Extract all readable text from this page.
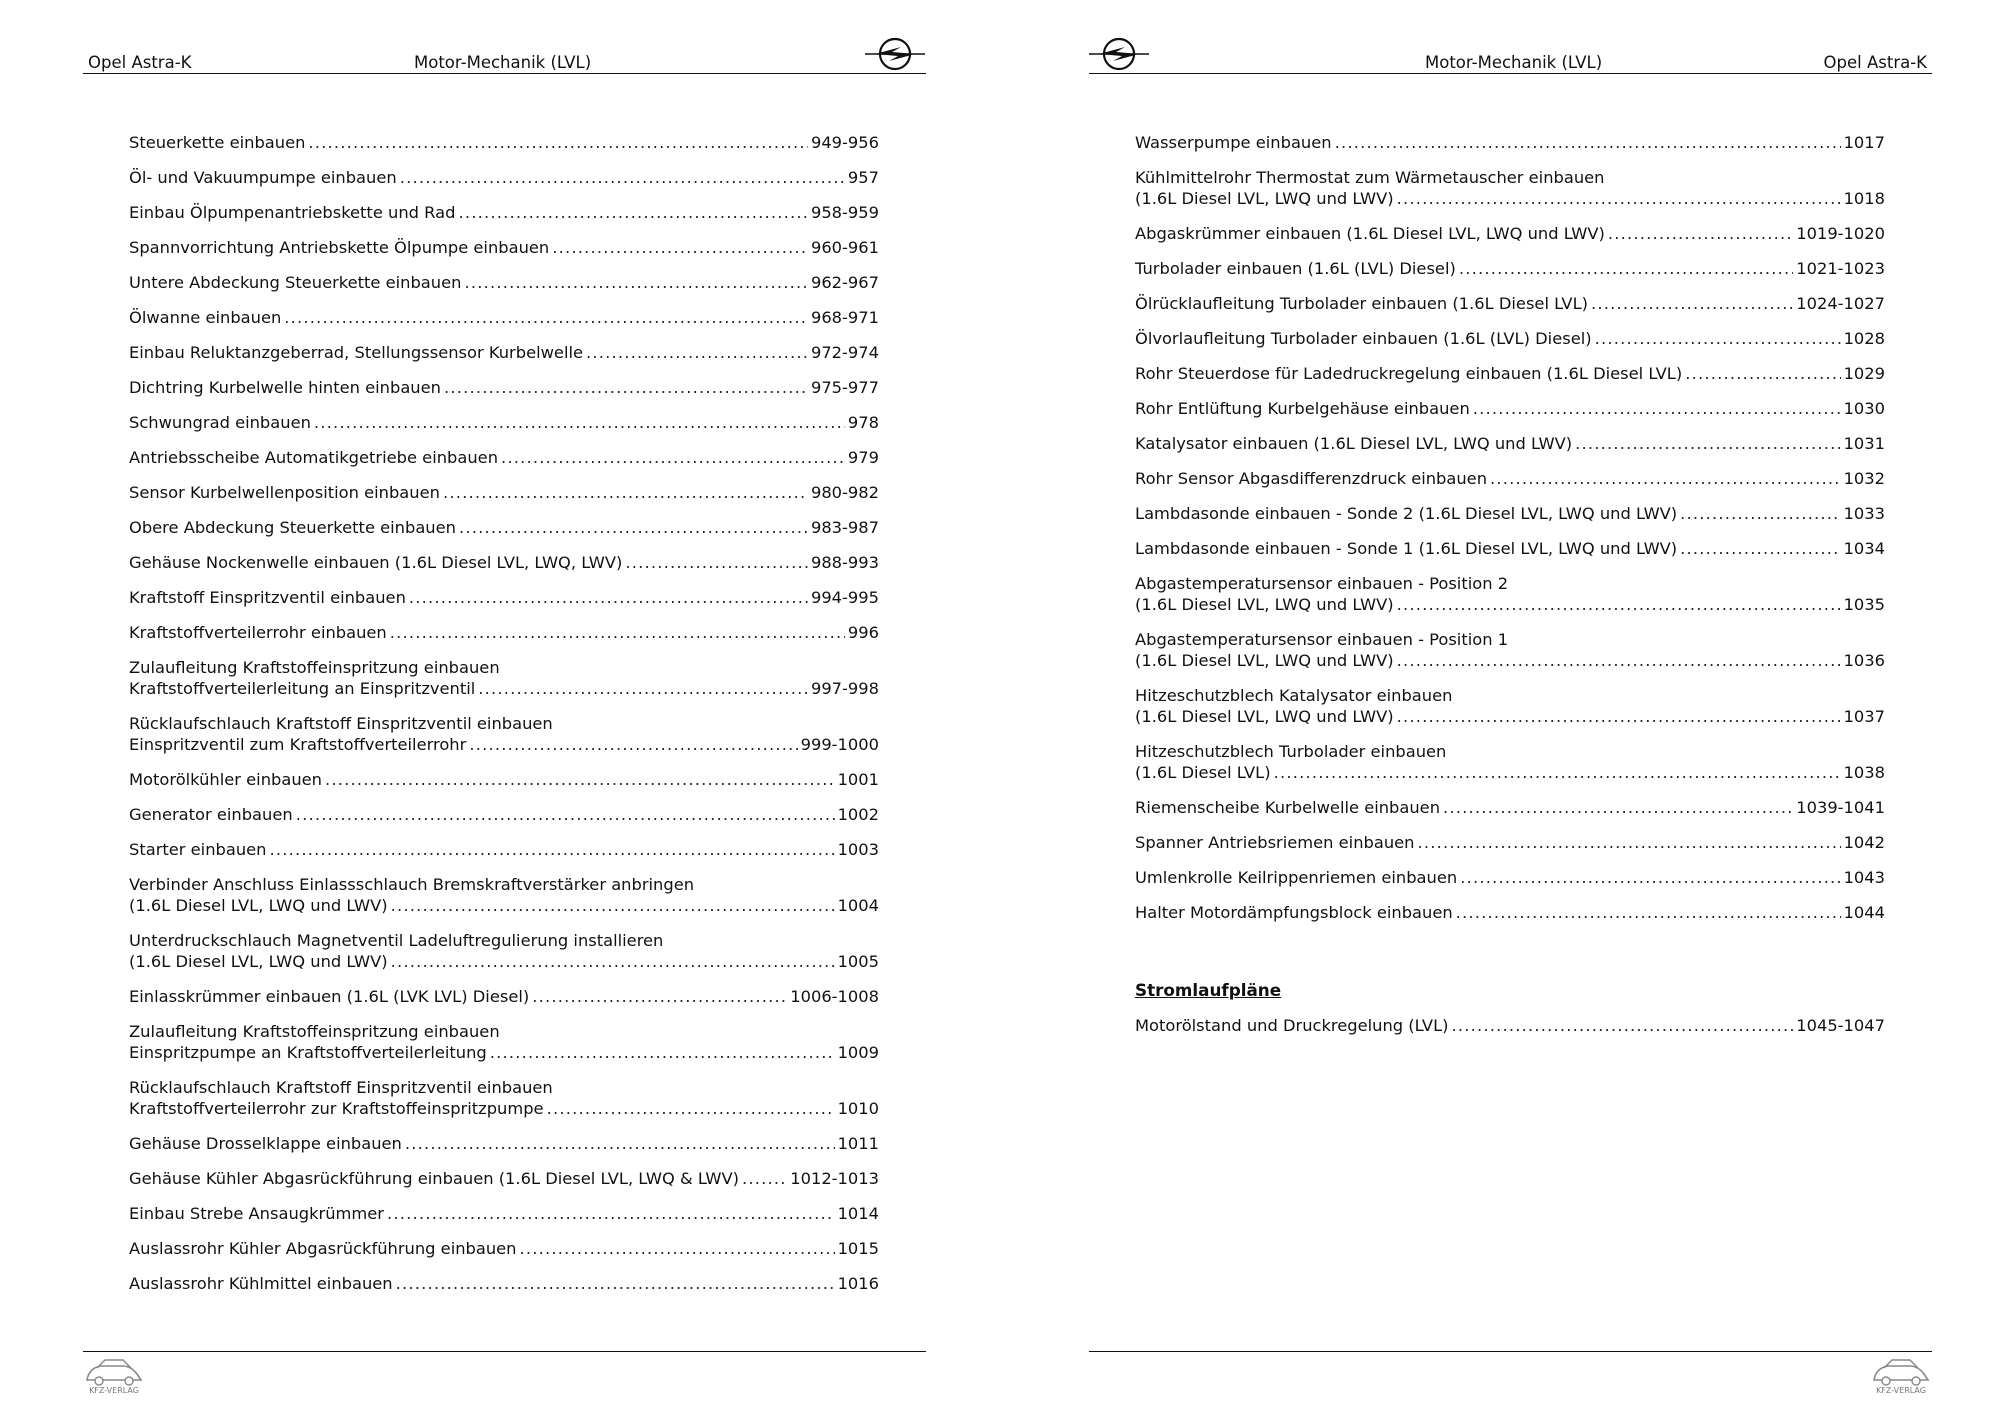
Opel Astra-K	Motor-Mechanik (LVL)
Steuerkette einbauen .....	949-956
Öl- und Vakuumpumpe einbauen .....	957
Einbau Ölpumpenantriebskette und Rad .....	958-959
Spannvorrichtung Antriebskette Ölpumpe einbauen .....	960-961
Untere Abdeckung Steuerkette einbauen .....	962-967
Ölwanne einbauen .....	968-971
Einbau Reluktanzgeberrad, Stellungssensor Kurbelwelle .....	972-974
Dichtring Kurbelwelle hinten einbauen .....	975-977
Schwungrad einbauen .....	978
Antriebsscheibe Automatikgetriebe einbauen .....	979
Sensor Kurbelwellenposition einbauen .....	980-982
Obere Abdeckung Steuerkette einbauen .....	983-987
Gehäuse Nockenwelle einbauen (1.6L Diesel LVL, LWQ, LWV) .....	988-993
Kraftstoff Einspritzventil einbauen .....	994-995
Kraftstoffverteilerrohr einbauen .....	996
Zulaufleitung Kraftstoffeinspritzung einbauen
Kraftstoffverteilerleitung an Einspritzventil .....	997-998
Rücklaufschlauch Kraftstoff Einspritzventil einbauen
Einspritzventil zum Kraftstoffverteilerrohr .....	999-1000
Motorölkühler einbauen .....	1001
Generator einbauen .....	1002
Starter einbauen .....	1003
Verbinder Anschluss Einlassschlauch Bremskraftverstärker anbringen
(1.6L Diesel LVL, LWQ und LWV) .....	1004
Unterdruckschlauch Magnetventil Ladeluftregulierung installieren
(1.6L Diesel LVL, LWQ und LWV) .....	1005
Einlasskrümmer einbauen (1.6L (LVK LVL) Diesel) .....	1006-1008
Zulaufleitung Kraftstoffeinspritzung einbauen
Einspritzpumpe an Kraftstoffverteilerleitung .....	1009
Rücklaufschlauch Kraftstoff Einspritzventil einbauen
Kraftstoffverteilerrohr zur Kraftstoffeinspritzpumpe .....	1010
Gehäuse Drosselklappe einbauen .....	1011
Gehäuse Kühler Abgasrückführung einbauen (1.6L Diesel LVL, LWQ & LWV) .....	1012-1013
Einbau Strebe Ansaugkrümmer .....	1014
Auslassrohr Kühler Abgasrückführung einbauen .....	1015
Auslassrohr Kühlmittel einbauen .....	1016
KFZ-VERLAG
Motor-Mechanik (LVL)	Opel Astra-K
Wasserpumpe einbauen .....	1017
Kühlmittelrohr Thermostat zum Wärmetauscher einbauen
(1.6L Diesel LVL, LWQ und LWV) .....	1018
Abgaskrümmer einbauen (1.6L Diesel LVL, LWQ und LWV) .....	1019-1020
Turbolader einbauen (1.6L (LVL) Diesel) .....	1021-1023
Ölrücklaufleitung Turbolader einbauen (1.6L Diesel LVL) .....	1024-1027
Ölvorlaufleitung Turbolader einbauen (1.6L (LVL) Diesel) .....	1028
Rohr Steuerdose für Ladedruckregelung einbauen (1.6L Diesel LVL) .....	1029
Rohr Entlüftung Kurbelgehäuse einbauen .....	1030
Katalysator einbauen (1.6L Diesel LVL, LWQ und LWV) .....	1031
Rohr Sensor Abgasdifferenzdruck einbauen .....	1032
Lambdasonde einbauen - Sonde 2 (1.6L Diesel LVL, LWQ und LWV) .....	1033
Lambdasonde einbauen - Sonde 1 (1.6L Diesel LVL, LWQ und LWV) .....	1034
Abgastemperatursensor einbauen - Position 2
(1.6L Diesel LVL, LWQ und LWV) .....	1035
Abgastemperatursensor einbauen - Position 1
(1.6L Diesel LVL, LWQ und LWV) .....	1036
Hitzeschutzblech Katalysator einbauen
(1.6L Diesel LVL, LWQ und LWV) .....	1037
Hitzeschutzblech Turbolader einbauen
(1.6L Diesel LVL) .....	1038
Riemenscheibe Kurbelwelle einbauen .....	1039-1041
Spanner Antriebsriemen einbauen .....	1042
Umlenkrolle Keilrippenriemen einbauen .....	1043
Halter Motordämpfungsblock einbauen .....	1044
Stromlaufpläne
Motorölstand und Druckregelung (LVL) .....	1045-1047
KFZ-VERLAG
